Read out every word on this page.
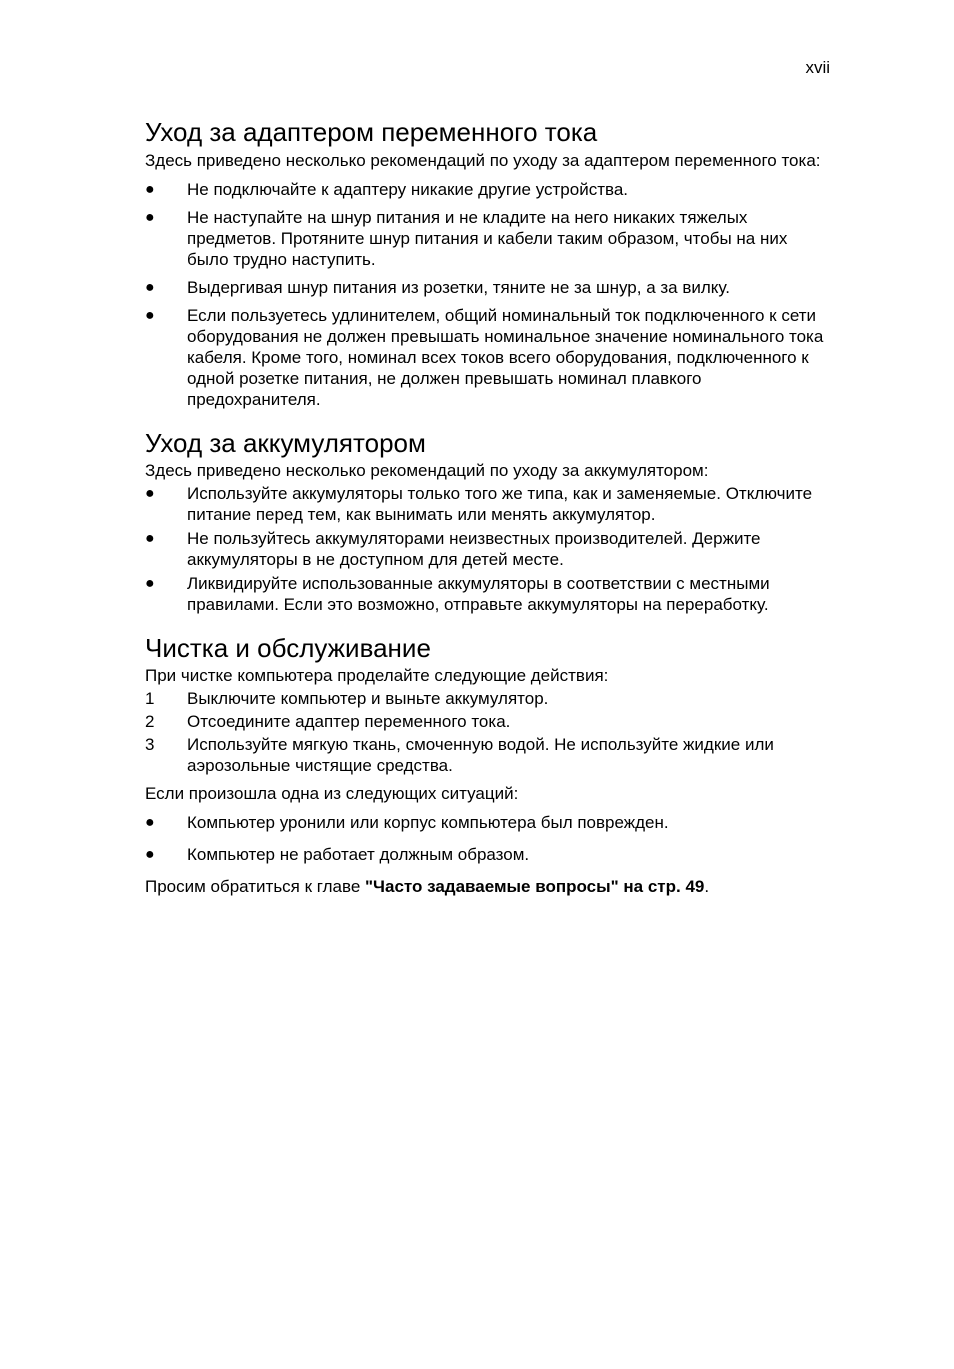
xvii
Уход за адаптером переменного тока

Здесь приведено несколько рекомендаций по уходу за адаптером переменного тока:

●	Не подключайте к адаптеру никакие другие устройства.
●	Не наступайте на шнур питания и не кладите на него никаких тяжелых предметов. Протяните шнур питания и кабели таким образом, чтобы на них было трудно наступить.
●	Выдергивая шнур питания из розетки, тяните не за шнур, а за вилку.
●	Если пользуетесь удлинителем, общий номинальный ток подключенного к сети оборудования не должен превышать номинальное значение номинального тока кабеля. Кроме того, номинал всех токов всего оборудования, подключенного к одной розетке питания, не должен превышать номинал плавкого предохранителя.
Уход за аккумулятором

Здесь приведено несколько рекомендаций по уходу за аккумулятором:

●	Используйте аккумуляторы только того же типа, как и заменяемые. Отключите питание перед тем, как вынимать или менять аккумулятор.
●	Не пользуйтесь аккумуляторами неизвестных производителей. Держите аккумуляторы в не доступном для детей месте.
●	Ликвидируйте использованные аккумуляторы в соответствии с местными правилами. Если это возможно, отправьте аккумуляторы на переработку.
Чистка и обслуживание

При чистке компьютера проделайте следующие действия:

1	Выключите компьютер и выньте аккумулятор.
2	Отсоедините адаптер переменного тока.
3	Используйте мягкую ткань, смоченную водой. Не используйте жидкие или аэрозольные чистящие средства.

Если произошла одна из следующих ситуаций:

●	Компьютер уронили или корпус компьютера был поврежден.
●	Компьютер не работает должным образом.

Просим обратиться к главе "Часто задаваемые вопросы" на стр. 49.
